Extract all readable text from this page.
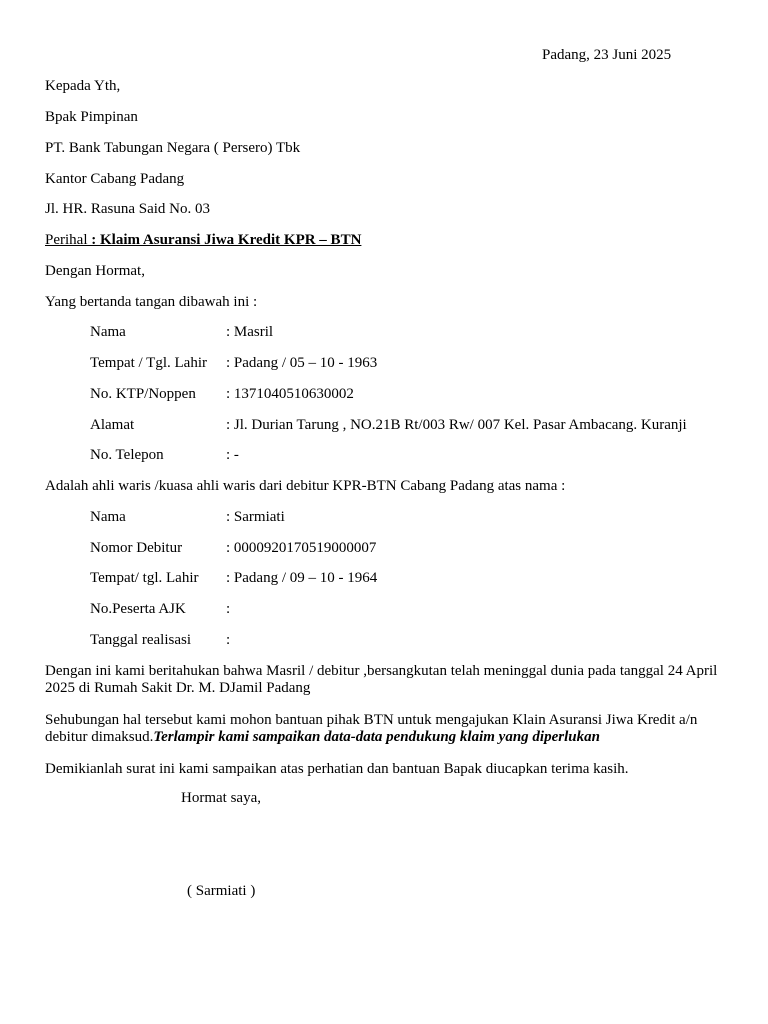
Padang, 23 Juni 2025
Kepada Yth,
Bpak Pimpinan
PT. Bank Tabungan Negara ( Persero) Tbk
Kantor Cabang Padang
Jl. HR. Rasuna Said No. 03
Perihal : Klaim Asuransi Jiwa Kredit KPR – BTN
Dengan Hormat,
Yang bertanda tangan dibawah ini :
Nama	: Masril
Tempat / Tgl. Lahir : Padang / 05 – 10 - 1963
No. KTP/Noppen : 1371040510630002
Alamat	: Jl. Durian Tarung , NO.21B Rt/003 Rw/ 007 Kel. Pasar Ambacang. Kuranji
No. Telepon	: -
Adalah ahli waris /kuasa ahli waris dari debitur KPR-BTN Cabang Padang atas nama :
Nama	: Sarmiati
Nomor Debitur	: 0000920170519000007
Tempat/ tgl. Lahir : Padang / 09 – 10 - 1964
No.Peserta AJK	:
Tanggal realisasi :
Dengan ini kami beritahukan bahwa Masril / debitur ,bersangkutan telah meninggal dunia pada tanggal 24 April 2025 di Rumah Sakit Dr. M. DJamil Padang
Sehubungan hal tersebut kami mohon bantuan pihak BTN untuk mengajukan Klain Asuransi Jiwa Kredit a/n debitur dimaksud.Terlampir kami sampaikan data-data pendukung klaim yang diperlukan
Demikianlah surat ini kami sampaikan atas perhatian dan bantuan Bapak diucapkan terima kasih.
Hormat saya,
( Sarmiati )
